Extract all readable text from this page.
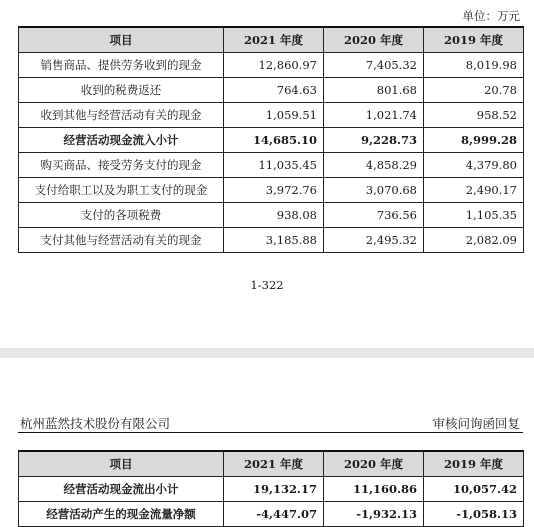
单位：万元
项目	2021 年度	2020 年度	2019 年度
销售商品、提供劳务收到的现金	12,860.97	7,405.32	8,019.98
收到的税费返还	764.63	801.68	20.78
收到其他与经营活动有关的现金	1,059.51	1,021.74	958.52
经营活动现金流入小计	14,685.10	9,228.73	8,999.28
购买商品、接受劳务支付的现金	11,035.45	4,858.29	4,379.80
支付给职工以及为职工支付的现金	3,972.76	3,070.68	2,490.17
支付的各项税费	938.08	736.56	1,105.35
支付其他与经营活动有关的现金	3,185.88	2,495.32	2,082.09
1-322
杭州蓝然技术股份有限公司	审核问询函回复
项目	2021 年度	2020 年度	2019 年度
经营活动现金流出小计	19,132.17	11,160.86	10,057.42
经营活动产生的现金流量净额	-4,447.07	-1,932.13	-1,058.13
